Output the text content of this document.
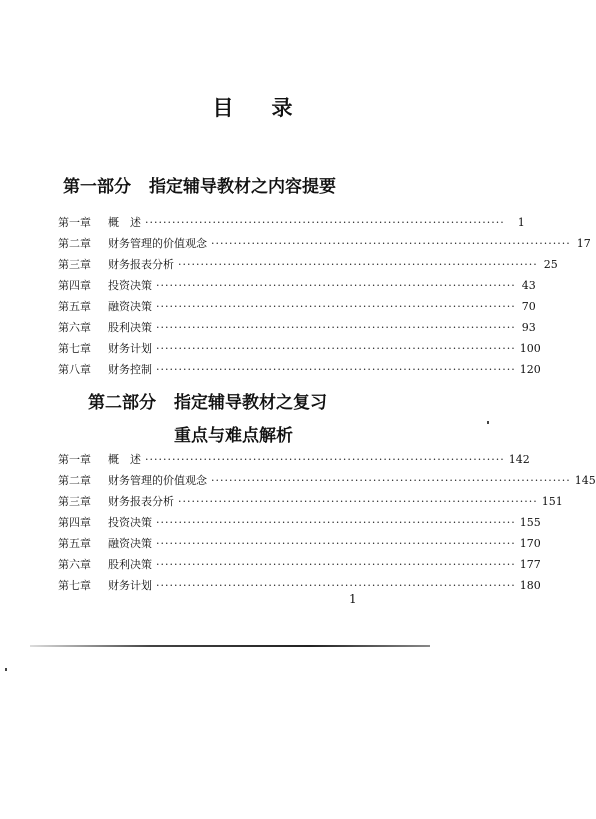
目录
第一部分 指定辅导教材之内容提要
第一章	概　述 ················································································	1
第二章	财务管理的价值观念 ················································································ 17
第三章	财务报表分析 ················································································ 25
第四章	投资决策 ················································································ 43
第五章	融资决策 ················································································ 70
第六章	股利决策 ················································································ 93
第七章	财务计划 ················································································ 100
第八章	财务控制 ················································································ 120
第二部分 指定辅导教材之复习
重点与难点解析
第一章	概　述 ················································································ 142
第二章	财务管理的价值观念 ················································································ 145
第三章	财务报表分析 ················································································ 151
第四章	投资决策 ················································································ 155
第五章	融资决策 ················································································ 170
第六章	股利决策 ················································································ 177
第七章	财务计划 ················································································ 180
1
